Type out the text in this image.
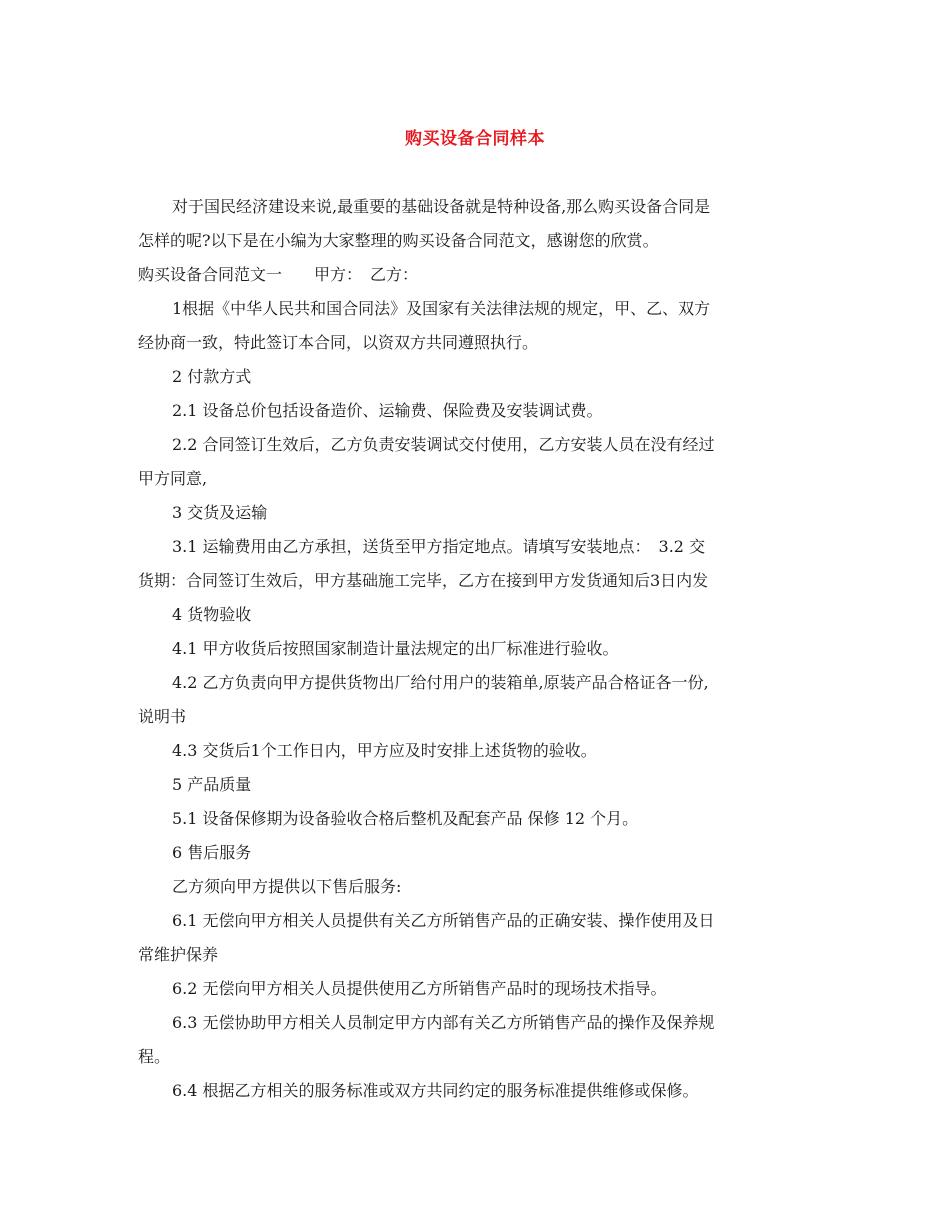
购买设备合同样本

对于国民经济建设来说,最重要的基础设备就是特种设备,那么购买设备合同是

怎样的呢?以下是在小编为大家整理的购买设备合同范文，感谢您的欣赏。

购买设备合同范文一　　甲方：　乙方：

1根据《中华人民共和国合同法》及国家有关法律法规的规定，甲、乙、双方

经协商一致，特此签订本合同，以资双方共同遵照执行。

2 付款方式

2.1 设备总价包括设备造价、运输费、保险费及安装调试费。

2.2 合同签订生效后，乙方负责安装调试交付使用，乙方安装人员在没有经过

甲方同意,

3 交货及运输

3.1 运输费用由乙方承担，送货至甲方指定地点。请填写安装地点：　3.2 交

货期：合同签订生效后，甲方基础施工完毕，乙方在接到甲方发货通知后3日内发

4 货物验收

4.1 甲方收货后按照国家制造计量法规定的出厂标准进行验收。

4.2 乙方负责向甲方提供货物出厂给付用户的装箱单,原装产品合格证各一份,

说明书

4.3 交货后1个工作日内，甲方应及时安排上述货物的验收。

5 产品质量

5.1 设备保修期为设备验收合格后整机及配套产品 保修 12 个月。

6 售后服务

乙方须向甲方提供以下售后服务:

6.1 无偿向甲方相关人员提供有关乙方所销售产品的正确安装、操作使用及日

常维护保养

6.2 无偿向甲方相关人员提供使用乙方所销售产品时的现场技术指导。

6.3 无偿协助甲方相关人员制定甲方内部有关乙方所销售产品的操作及保养规

程。

6.4 根据乙方相关的服务标准或双方共同约定的服务标准提供维修或保修。
